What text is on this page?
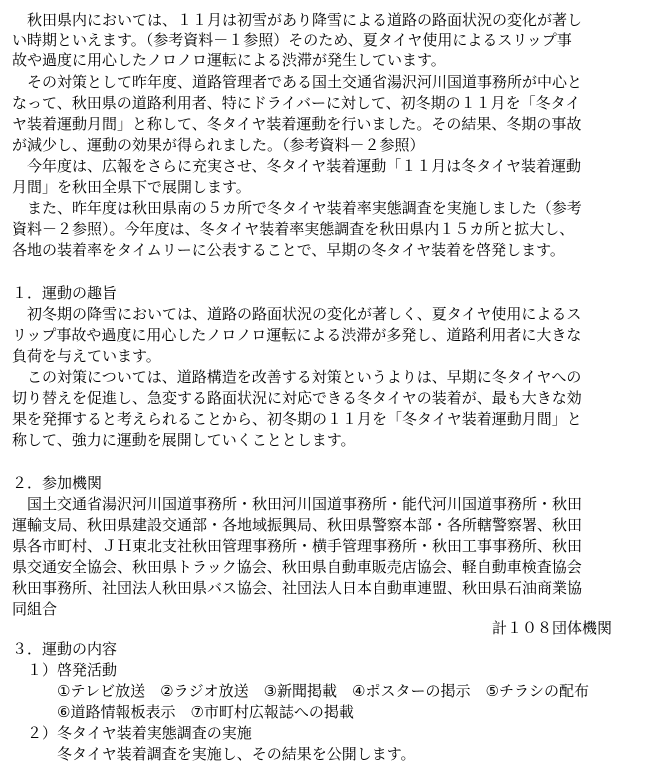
　秋田県内においては、１１月は初雪があり降雪による道路の路面状況の変化が著し
い時期といえます。（参考資料－１参照）そのため、夏タイヤ使用によるスリップ事
故や過度に用心したノロノロ運転による渋滞が発生しています。
　その対策として昨年度、道路管理者である国土交通省湯沢河川国道事務所が中心と
なって、秋田県の道路利用者、特にドライバーに対して、初冬期の１１月を「冬タイ
ヤ装着運動月間」と称して、冬タイヤ装着運動を行いました。その結果、冬期の事故
が減少し、運動の効果が得られました。（参考資料－２参照）
　今年度は、広報をさらに充実させ、冬タイヤ装着運動「１１月は冬タイヤ装着運動
月間」を秋田全県下で展開します。
　また、昨年度は秋田県南の５カ所で冬タイヤ装着率実態調査を実施しました（参考
資料－２参照）。今年度は、冬タイヤ装着率実態調査を秋田県内１５カ所と拡大し、
各地の装着率をタイムリーに公表することで、早期の冬タイヤ装着を啓発します。
１．運動の趣旨
　初冬期の降雪においては、道路の路面状況の変化が著しく、夏タイヤ使用によるス
リップ事故や過度に用心したノロノロ運転による渋滞が多発し、道路利用者に大きな
負荷を与えています。
　この対策については、道路構造を改善する対策というよりは、早期に冬タイヤへの
切り替えを促進し、急変する路面状況に対応できる冬タイヤの装着が、最も大きな効
果を発揮すると考えられることから、初冬期の１１月を「冬タイヤ装着運動月間」と
称して、強力に運動を展開していくこととします。
２．参加機関
　国土交通省湯沢河川国道事務所・秋田河川国道事務所・能代河川国道事務所・秋田
運輸支局、秋田県建設交通部・各地域振興局、秋田県警察本部・各所轄警察署、秋田
県各市町村、ＪＨ東北支社秋田管理事務所・横手管理事務所・秋田工事事務所、秋田
県交通安全協会、秋田県トラック協会、秋田県自動車販売店協会、軽自動車検査協会
秋田事務所、社団法人秋田県バス協会、社団法人日本自動車連盟、秋田県石油商業協
同組合
計１０８団体機関
３．運動の内容
　１）啓発活動
　　　①テレビ放送　②ラジオ放送　③新聞掲載　④ポスターの掲示　⑤チラシの配布
　　　⑥道路情報板表示　⑦市町村広報誌への掲載
　２）冬タイヤ装着実態調査の実施
　　　冬タイヤ装着調査を実施し、その結果を公開します。
